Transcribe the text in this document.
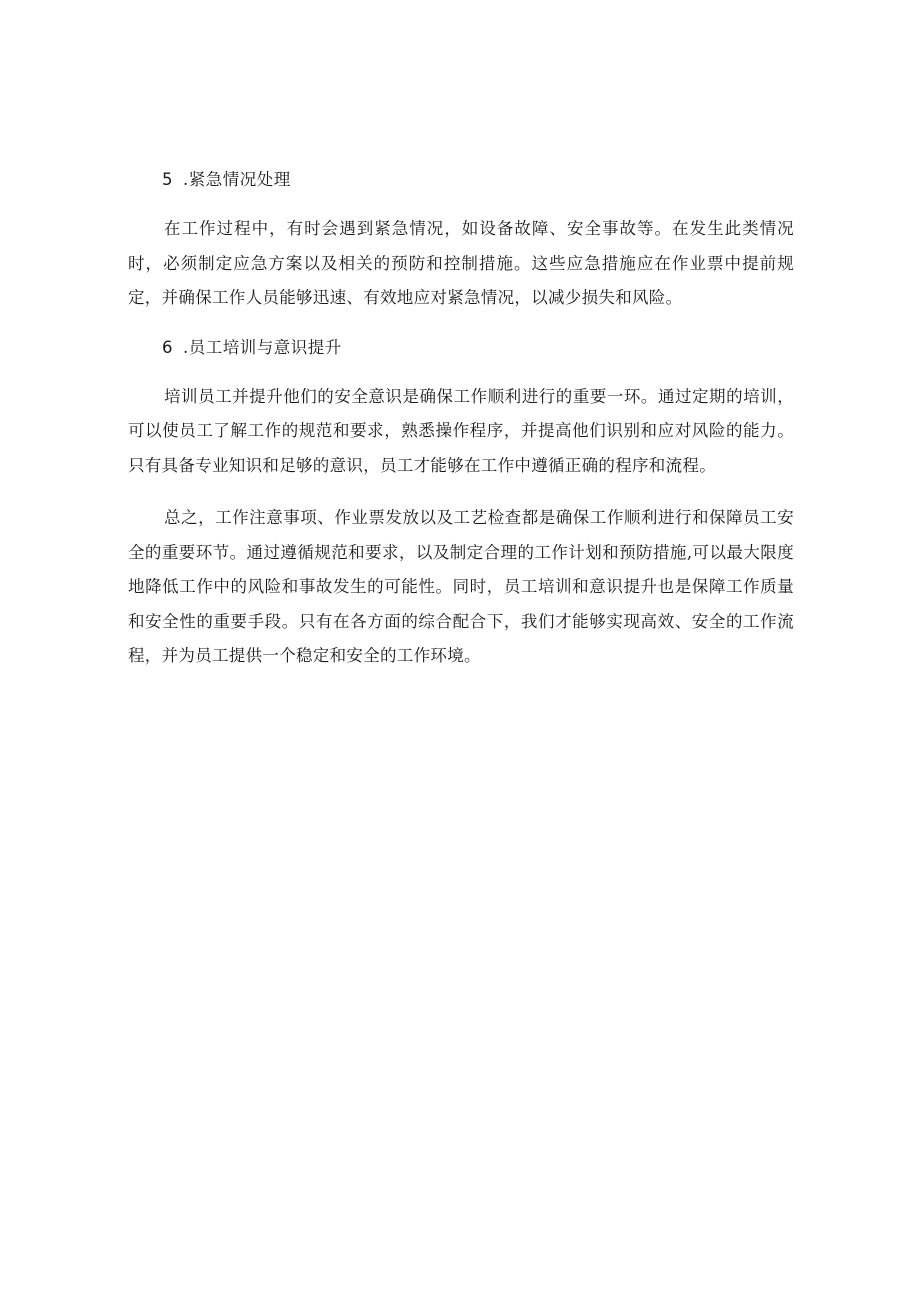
5 .紧急情况处理

在工作过程中，有时会遇到紧急情况，如设备故障、安全事故等。在发生此类情况时，必须制定应急方案以及相关的预防和控制措施。这些应急措施应在作业票中提前规定，并确保工作人员能够迅速、有效地应对紧急情况，以减少损失和风险。

6 .员工培训与意识提升

培训员工并提升他们的安全意识是确保工作顺利进行的重要一环。通过定期的培训，可以使员工了解工作的规范和要求，熟悉操作程序，并提高他们识别和应对风险的能力。只有具备专业知识和足够的意识，员工才能够在工作中遵循正确的程序和流程。

总之，工作注意事项、作业票发放以及工艺检查都是确保工作顺利进行和保障员工安全的重要环节。通过遵循规范和要求，以及制定合理的工作计划和预防措施,可以最大限度地降低工作中的风险和事故发生的可能性。同时，员工培训和意识提升也是保障工作质量和安全性的重要手段。只有在各方面的综合配合下，我们才能够实现高效、安全的工作流程，并为员工提供一个稳定和安全的工作环境。
